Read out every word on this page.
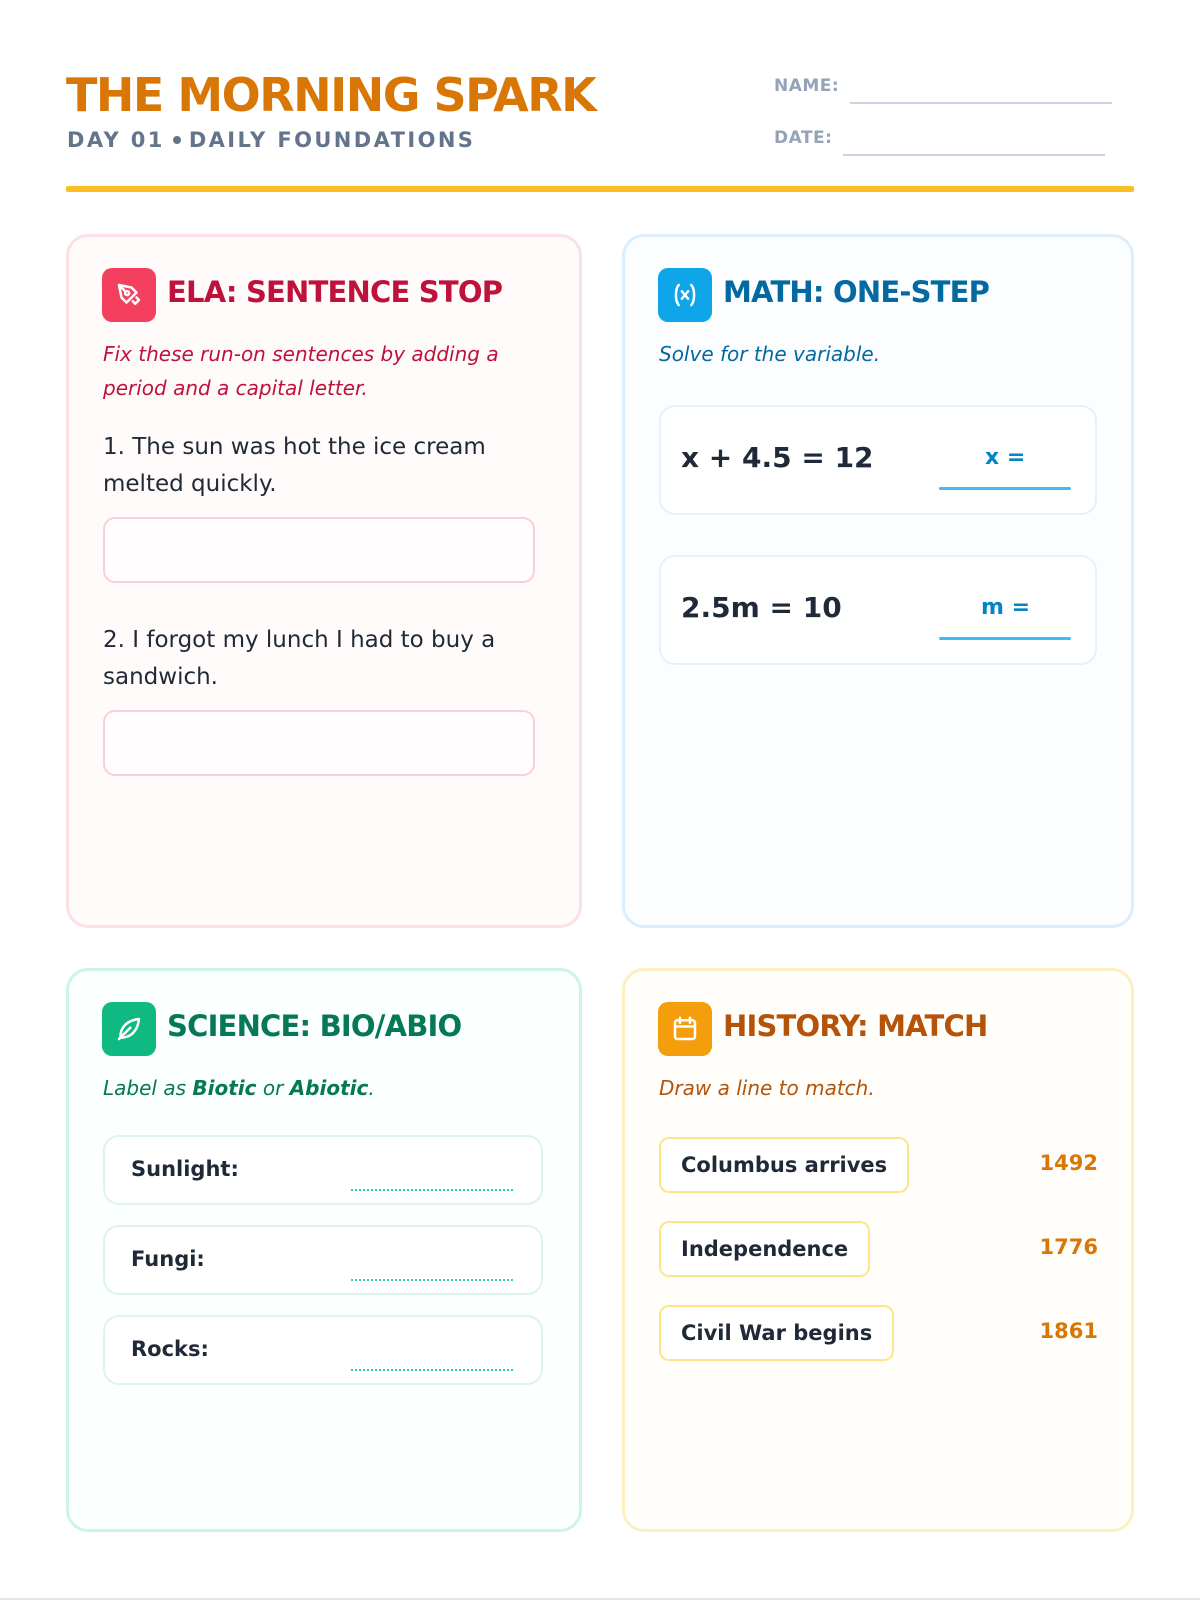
THE MORNING SPARK
DAY 01 DAILY FOUNDATIONS
NAME:
DATE:
ELA: SENTENCE STOP
Fix these run-on sentences by adding a period and a capital letter.
1. The sun was hot the ice cream melted quickly.
2. I forgot my lunch I had to buy a sandwich.
MATH: ONE-STEP
Solve for the variable.
x + 4.5 = 12	x =
2.5m = 10	m =
SCIENCE: BIO/ABIO
Label as Biotic or Abiotic.
Sunlight:
Fungi:
Rocks:
HISTORY: MATCH
Draw a line to match.
Columbus arrives	1492
Independence	1776
Civil War begins	1861
